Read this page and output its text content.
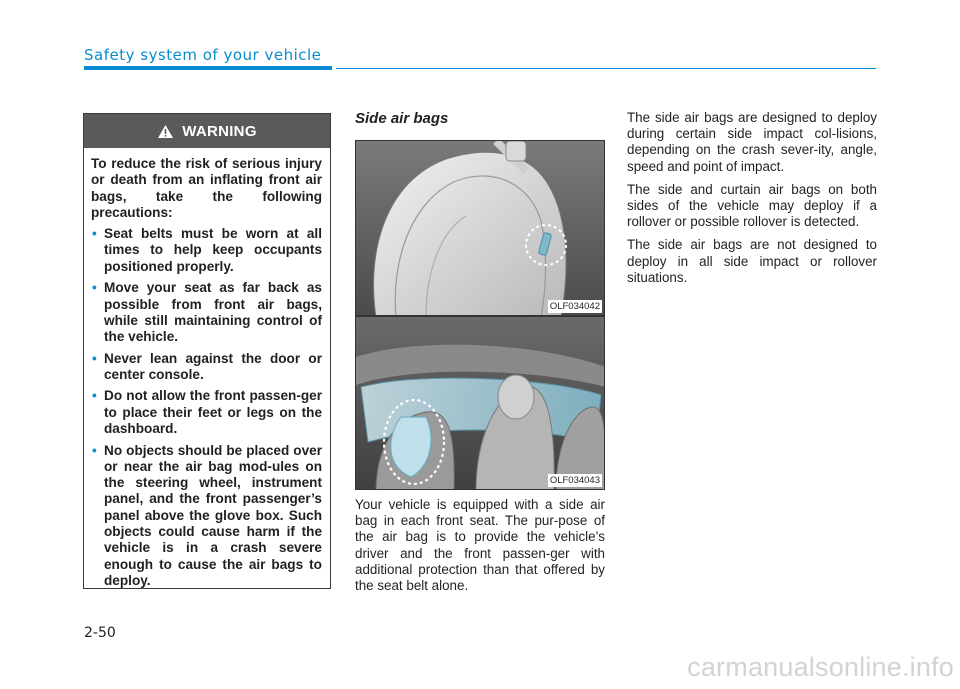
Safety system of your vehicle
WARNING

To reduce the risk of serious injury or death from an inflating front air bags, take the following precautions:

• Seat belts must be worn at all times to help keep occupants positioned properly.
• Move your seat as far back as possible from front air bags, while still maintaining control of the vehicle.
• Never lean against the door or center console.
• Do not allow the front passen-ger to place their feet or legs on the dashboard.
• No objects should be placed over or near the air bag mod-ules on the steering wheel, instrument panel, and the front passenger’s panel above the glove box. Such objects could cause harm if the vehicle is in a crash severe enough to cause the air bags to deploy.
Side air bags
OLF034042
OLF034043

Your vehicle is equipped with a side air bag in each front seat. The pur-pose of the air bag is to provide the vehicle’s driver and the front passen-ger with additional protection than that offered by the seat belt alone.

The side air bags are designed to deploy during certain side impact col-lisions, depending on the crash sever-ity, angle, speed and point of impact.

The side and curtain air bags on both sides of the vehicle may deploy if a rollover or possible rollover is detected.

The side air bags are not designed to deploy in all side impact or rollover situations.

2-50
carmanualsonline.info
